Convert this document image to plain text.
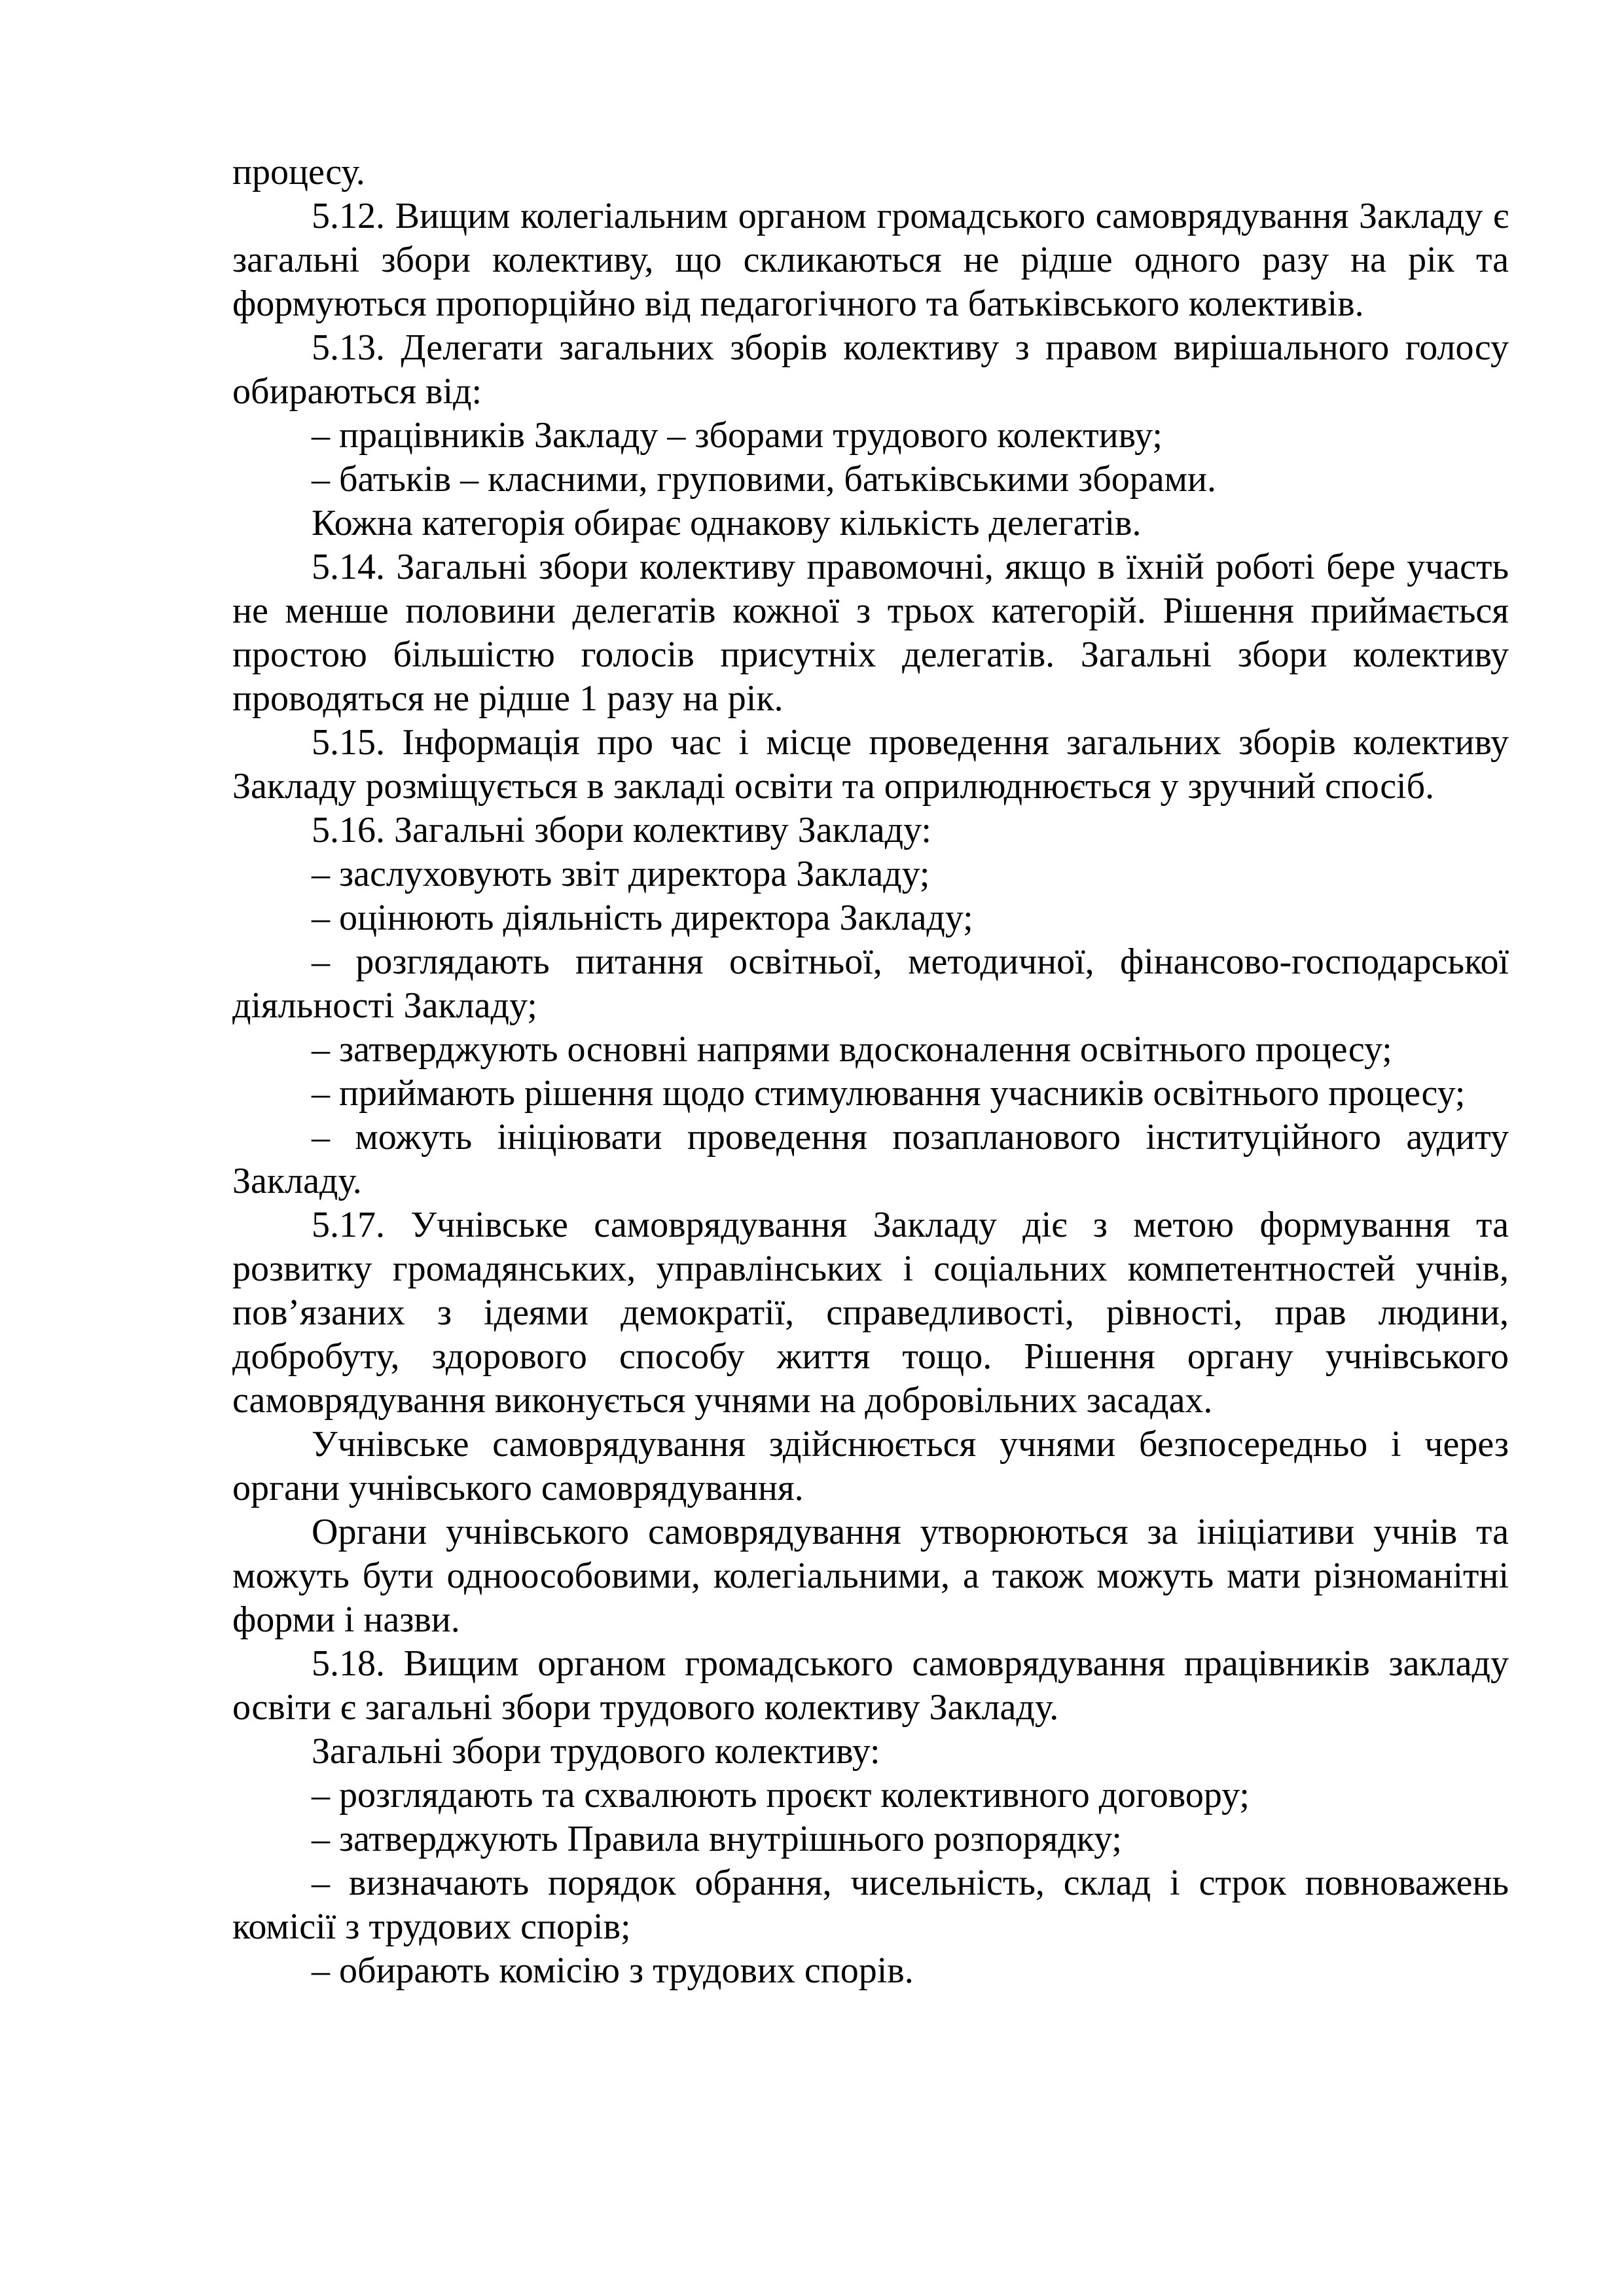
процесу.

5.12. Вищим колегіальним органом громадського самоврядування Закладу є загальні збори колективу, що скликаються не рідше одного разу на рік та формуються пропорційно від педагогічного та батьківського колективів.

5.13. Делегати загальних зборів колективу з правом вирішального голосу обираються від:

– працівників Закладу – зборами трудового колективу;

– батьків – класними, груповими, батьківськими зборами.

Кожна категорія обирає однакову кількість делегатів.

5.14. Загальні збори колективу правомочні, якщо в їхній роботі бере участь не менше половини делегатів кожної з трьох категорій. Рішення приймається простою більшістю голосів присутніх делегатів. Загальні збори колективу проводяться не рідше 1 разу на рік.

5.15. Інформація про час і місце проведення загальних зборів колективу Закладу розміщується в закладі освіти та оприлюднюється у зручний спосіб.

5.16. Загальні збори колективу Закладу:

– заслуховують звіт директора Закладу;

– оцінюють діяльність директора Закладу;

– розглядають питання освітньої, методичної, фінансово-господарської діяльності Закладу;

– затверджують основні напрями вдосконалення освітнього процесу;

– приймають рішення щодо стимулювання учасників освітнього процесу;

– можуть ініціювати проведення позапланового інституційного аудиту Закладу.

5.17. Учнівське самоврядування Закладу діє з метою формування та розвитку громадянських, управлінських і соціальних компетентностей учнів, пов’язаних з ідеями демократії, справедливості, рівності, прав людини, добробуту, здорового способу життя тощо. Рішення органу учнівського самоврядування виконується учнями на добровільних засадах.

Учнівське самоврядування здійснюється учнями безпосередньо і через органи учнівського самоврядування.

Органи учнівського самоврядування утворюються за ініціативи учнів та можуть бути одноособовими, колегіальними, а також можуть мати різноманітні форми і назви.

5.18. Вищим органом громадського самоврядування працівників закладу освіти є загальні збори трудового колективу Закладу.

Загальні збори трудового колективу:

– розглядають та схвалюють проєкт колективного договору;

– затверджують Правила внутрішнього розпорядку;

– визначають порядок обрання, чисельність, склад і строк повноважень комісії з трудових спорів;

– обирають комісію з трудових спорів.
